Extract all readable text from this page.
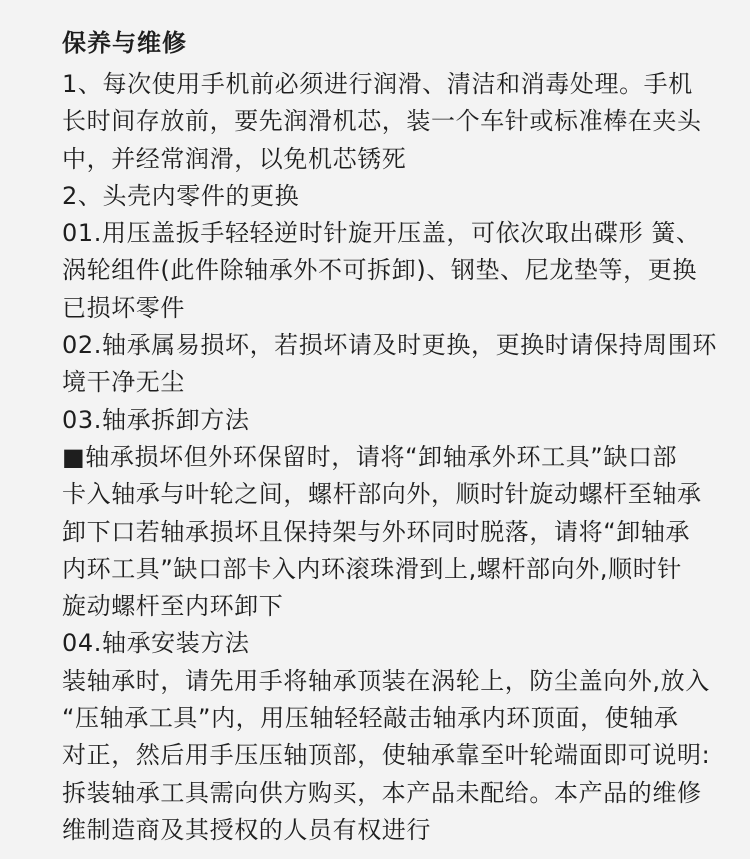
保养与维修

1、每次使用手机前必须进行润滑、清洁和消毒处理。手机

长时间存放前，要先润滑机芯，装一个车针或标准棒在夹头

中，并经常润滑，以免机芯锈死

2、头壳内零件的更换

01.用压盖扳手轻轻逆时针旋开压盖，可依次取出碟形 簧、

涡轮组件(此件除轴承外不可拆卸)、钢垫、尼龙垫等，更换

已损坏零件

02.轴承属易损坏，若损坏请及时更换，更换时请保持周围环

境干净无尘

03.轴承拆卸方法

■轴承损坏但外环保留时，请将“卸轴承外环工具”缺口部

卡入轴承与叶轮之间，螺杆部向外，顺时针旋动螺杆至轴承

卸下口若轴承损坏且保持架与外环同时脱落，请将“卸轴承

内环工具”缺口部卡入内环滚珠滑到上,螺杆部向外,顺时针

旋动螺杆至内环卸下

04.轴承安装方法

装轴承时，请先用手将轴承顶装在涡轮上，防尘盖向外,放入

“压轴承工具”内，用压轴轻轻敲击轴承内环顶面，使轴承

对正，然后用手压压轴顶部，使轴承靠至叶轮端面即可说明:

拆装轴承工具需向供方购买，本产品未配给。本产品的维修

维制造商及其授权的人员有权进行
